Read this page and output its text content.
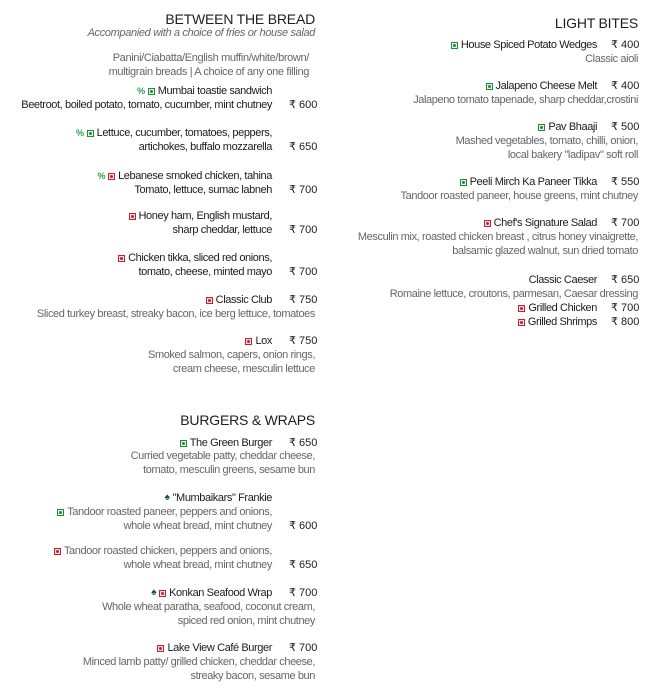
BETWEEN THE BREAD
Accompanied with a choice of fries or house salad
Panini/Ciabatta/English muffin/white/brown/
multigrain breads | A choice of any one filling
BURGERS & WRAPS
LIGHT BITES
% Mumbai toastie sandwich
Beetroot, boiled potato, tomato, cucumber, mint chutney ₹ 600
% Lettuce, cucumber, tomatoes, peppers,
artichokes, buffalo mozzarella ₹ 650
% Lebanese smoked chicken, tahina
Tomato, lettuce, sumac labneh ₹ 700
Honey ham, English mustard,
sharp cheddar, lettuce ₹ 700
Chicken tikka, sliced red onions,
tomato, cheese, minted mayo ₹ 700
Classic Club ₹ 750
Sliced turkey breast, streaky bacon, ice berg lettuce, tomatoes
Lox ₹ 750
Smoked salmon, capers, onion rings,
cream cheese, mesculin lettuce
The Green Burger ₹ 650
Curried vegetable patty, cheddar cheese,
tomato, mesculin greens, sesame bun
♠ "Mumbaikars" Frankie
Tandoor roasted paneer, peppers and onions,
whole wheat bread, mint chutney ₹ 600
Tandoor roasted chicken, peppers and onions,
whole wheat bread, mint chutney ₹ 650
♠ Konkan Seafood Wrap ₹ 700
Whole wheat paratha, seafood, coconut cream,
spiced red onion, mint chutney
Lake View Café Burger ₹ 700
Minced lamb patty/ grilled chicken, cheddar cheese,
streaky bacon, sesame bun
House Spiced Potato Wedges ₹ 400
Classic aioli
Jalapeno Cheese Melt ₹ 400
Jalapeno tomato tapenade, sharp cheddar,crostini
Pav Bhaaji ₹ 500
Mashed vegetables, tomato, chilli, onion,
local bakery "ladipav" soft roll
Peeli Mirch Ka Paneer Tikka ₹ 550
Tandoor roasted paneer, house greens, mint chutney
Chef's Signature Salad ₹ 700
Mesculin mix, roasted chicken breast , citrus honey vinaigrette,
balsamic glazed walnut, sun dried tomato
Classic Caeser ₹ 650
Romaine lettuce, croutons, parmesan, Caesar dressing
Grilled Chicken ₹ 700
Grilled Shrimps ₹ 800
